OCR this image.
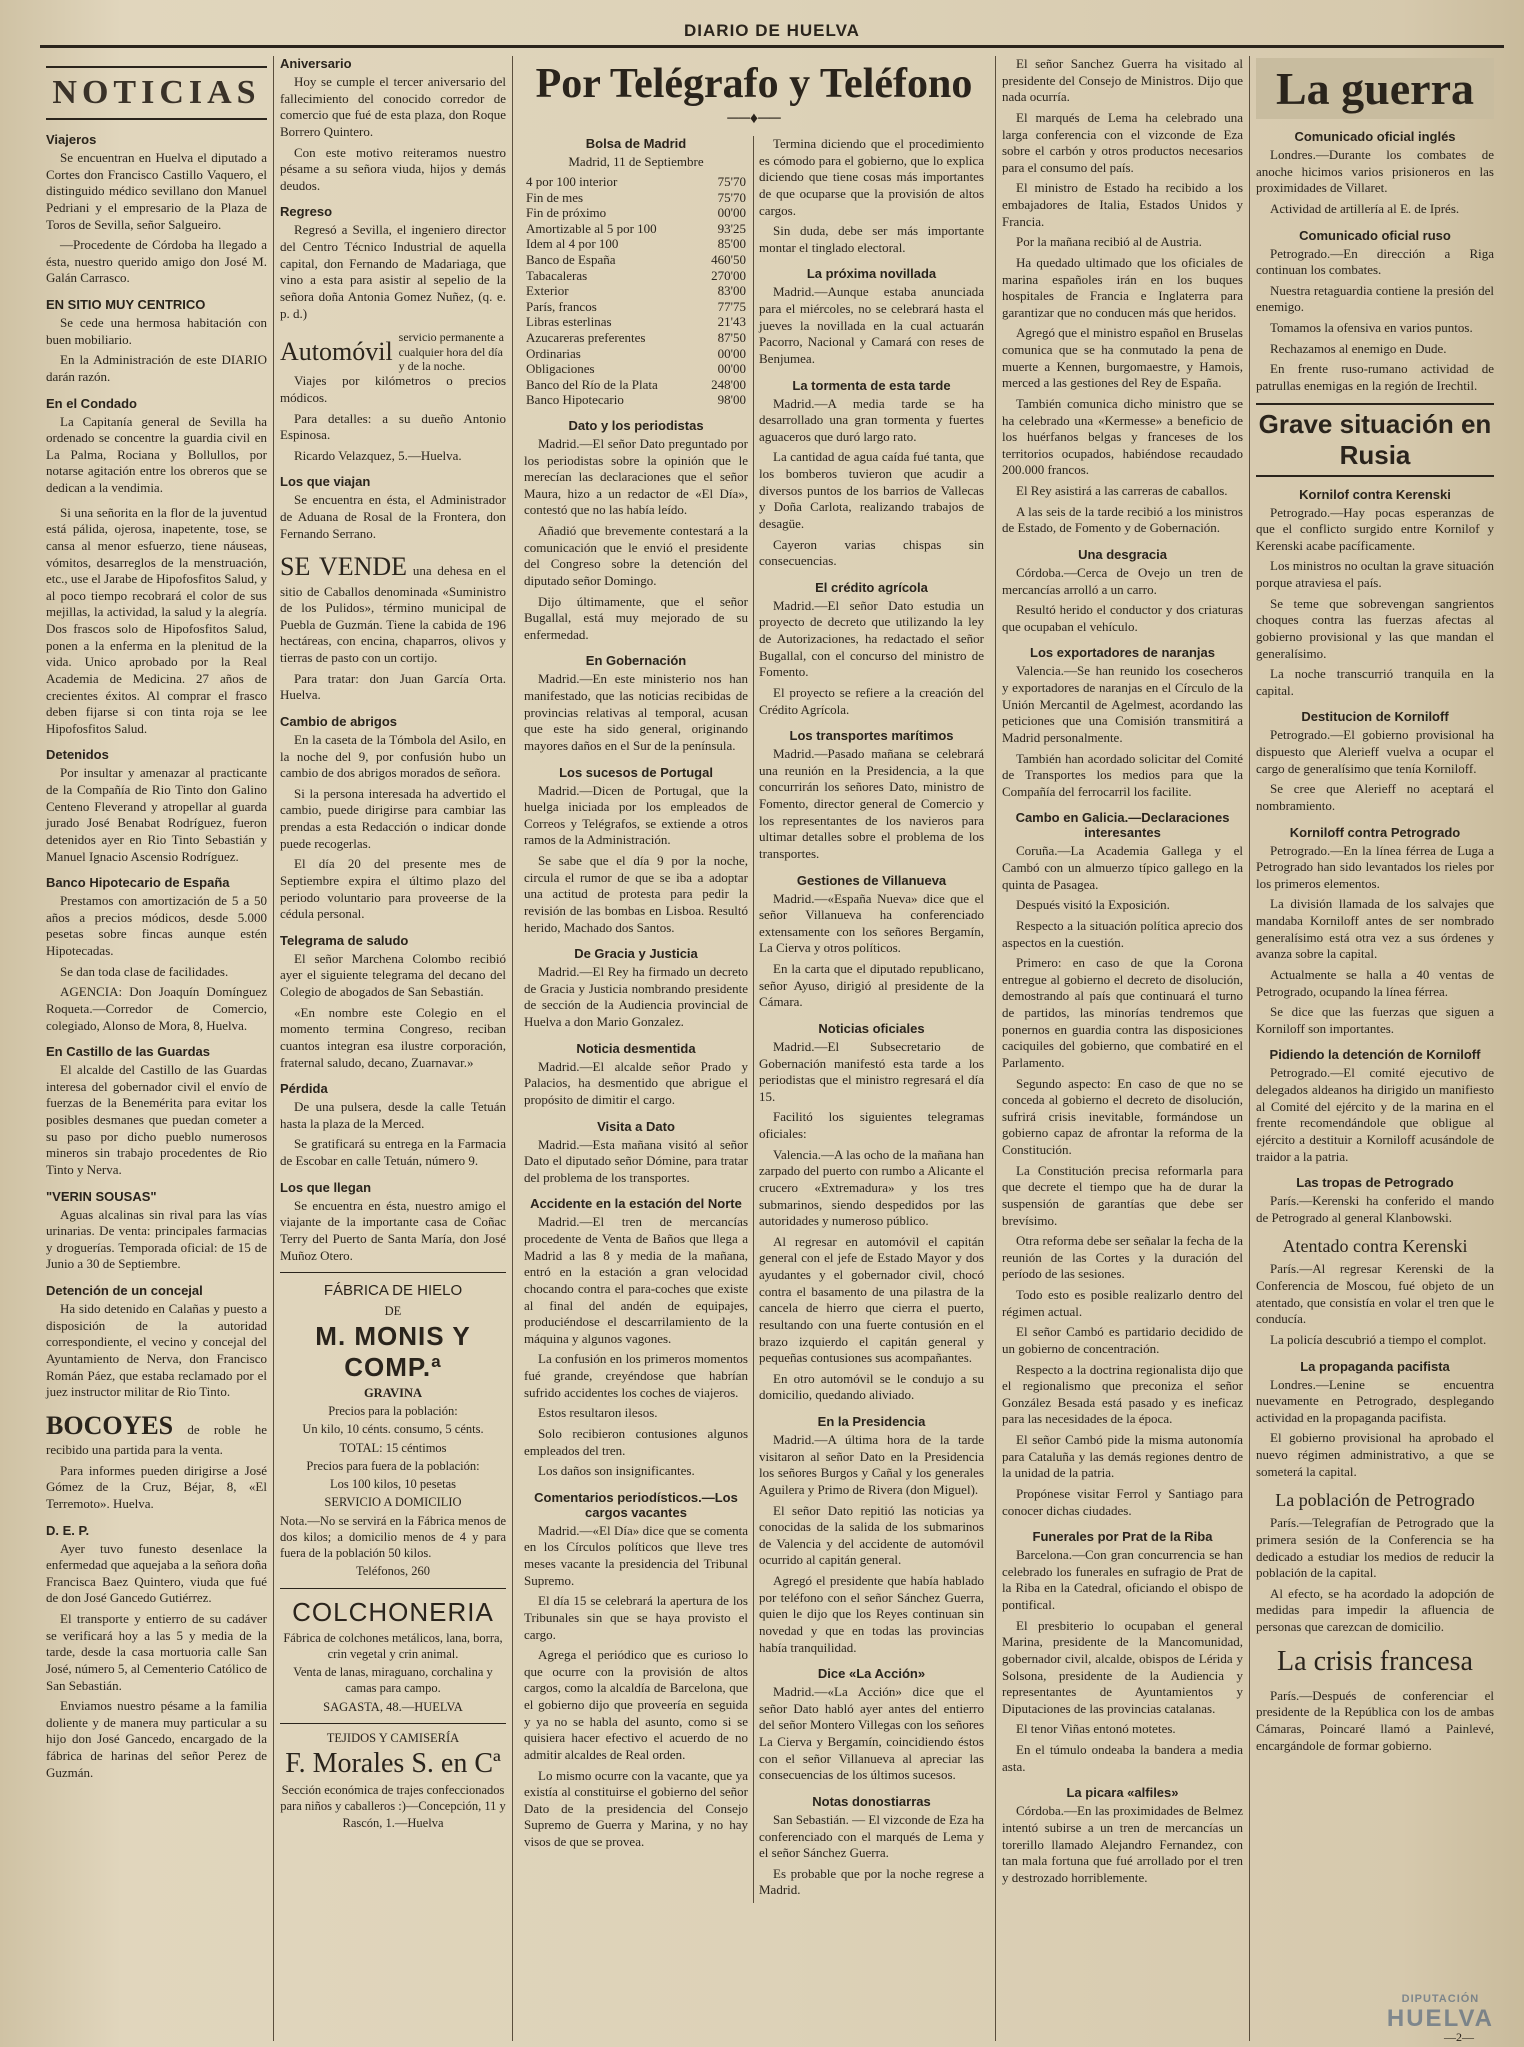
DIARIO DE HUELVA
NOTICIAS
Viajeros

Se encuentran en Huelva el diputado a Cortes don Francisco Castillo Vaquero, el distinguido médico sevillano don Manuel Pedriani y el empresario de la Plaza de Toros de Sevilla, señor Salgueiro.

—Procedente de Córdoba ha llegado a ésta, nuestro querido amigo don José M. Galán Carrasco.

EN SITIO MUY CENTRICO

Se cede una hermosa habitación con buen mobiliario.

En la Administración de este DIARIO darán razón.

En el Condado

La Capitanía general de Sevilla ha ordenado se concentre la guardia civil en La Palma, Rociana y Bollullos, por notarse agitación entre los obreros que se dedican a la vendimia.

Si una señorita en la flor de la juventud está pálida, ojerosa, inapetente, tose, se cansa al menor esfuerzo, tiene náuseas, vómitos, desarreglos de la menstruación, etc., use el Jarabe de Hipofosfitos Salud, y al poco tiempo recobrará el color de sus mejillas, la actividad, la salud y la alegría. Dos frascos solo de Hipofosfitos Salud, ponen a la enferma en la plenitud de la vida. Unico aprobado por la Real Academia de Medicina. 27 años de crecientes éxitos. Al comprar el frasco deben fijarse si con tinta roja se lee Hipofosfitos Salud.

Detenidos

Por insultar y amenazar al practicante de la Compañía de Rio Tinto don Galino Centeno Fleverand y atropellar al guarda jurado José Benabat Rodríguez, fueron detenidos ayer en Rio Tinto Sebastián y Manuel Ignacio Ascensio Rodríguez.

Banco Hipotecario de España

Prestamos con amortización de 5 a 50 años a precios módicos, desde 5.000 pesetas sobre fincas aunque estén Hipotecadas.

Se dan toda clase de facilidades.

AGENCIA: Don Joaquín Domínguez Roqueta.—Corredor de Comercio, colegiado, Alonso de Mora, 8, Huelva.

En Castillo de las Guardas

El alcalde del Castillo de las Guardas interesa del gobernador civil el envío de fuerzas de la Benemérita para evitar los posibles desmanes que puedan cometer a su paso por dicho pueblo numerosos mineros sin trabajo procedentes de Rio Tinto y Nerva.

"VERIN SOUSAS"

Aguas alcalinas sin rival para las vías urinarias. De venta: principales farmacias y droguerías. Temporada oficial: de 15 de Junio a 30 de Septiembre.

Detención de un concejal

Ha sido detenido en Calañas y puesto a disposición de la autoridad correspondiente, el vecino y concejal del Ayuntamiento de Nerva, don Francisco Román Páez, que estaba reclamado por el juez instructor militar de Rio Tinto.

BOCOYES de roble he recibido una partida para la venta.

Para informes pueden dirigirse a José Gómez de la Cruz, Béjar, 8, «El Terremoto». Huelva.

D. E. P.

Ayer tuvo funesto desenlace la enfermedad que aquejaba a la señora doña Francisca Baez Quintero, viuda que fué de don José Gancedo Gutiérrez.

El transporte y entierro de su cadáver se verificará hoy a las 5 y media de la tarde, desde la casa mortuoria calle San José, número 5, al Cementerio Católico de San Sebastián.

Enviamos nuestro pésame a la familia doliente y de manera muy particular a su hijo don José Gancedo, encargado de la fábrica de harinas del señor Perez de Guzmán.

Aniversario

Hoy se cumple el tercer aniversario del fallecimiento del conocido corredor de comercio que fué de esta plaza, don Roque Borrero Quintero.

Con este motivo reiteramos nuestro pésame a su señora viuda, hijos y demás deudos.

Regreso

Regresó a Sevilla, el ingeniero director del Centro Técnico Industrial de aquella capital, don Fernando de Madariaga, que vino a esta para asistir al sepelio de la señora doña Antonia Gomez Nuñez, (q. e. p. d.)

Automóvil servicio permanente a cualquier hora del día y de la noche.

Viajes por kilómetros o precios módicos.

Para detalles: a su dueño Antonio Espinosa.

Ricardo Velazquez, 5.—Huelva.

Los que viajan

Se encuentra en ésta, el Administrador de Aduana de Rosal de la Frontera, don Fernando Serrano.

SE VENDE una dehesa en el sitio de Caballos denominada «Suministro de los Pulidos», término municipal de Puebla de Guzmán. Tiene la cabida de 196 hectáreas, con encina, chaparros, olivos y tierras de pasto con un cortijo.

Para tratar: don Juan García Orta. Huelva.

Cambio de abrigos

En la caseta de la Tómbola del Asilo, en la noche del 9, por confusión hubo un cambio de dos abrigos morados de señora.

Si la persona interesada ha advertido el cambio, puede dirigirse para cambiar las prendas a esta Redacción o indicar donde puede recogerlas.

El día 20 del presente mes de Septiembre expira el último plazo del periodo voluntario para proveerse de la cédula personal.

Telegrama de saludo

El señor Marchena Colombo recibió ayer el siguiente telegrama del decano del Colegio de abogados de San Sebastián.

«En nombre este Colegio en el momento termina Congreso, reciban cuantos integran esa ilustre corporación, fraternal saludo, decano, Zuarnavar.»

Pérdida

De una pulsera, desde la calle Tetuán hasta la plaza de la Merced.

Se gratificará su entrega en la Farmacia de Escobar en calle Tetuán, número 9.

Los que llegan

Se encuentra en ésta, nuestro amigo el viajante de la importante casa de Coñac Terry del Puerto de Santa María, don José Muñoz Otero.

FÁBRICA DE HIELO
DE
M. MONIS Y COMP.ª
GRAVINA
Precios para la población:
Un kilo, 10 cénts. consumo, 5 cénts.
TOTAL: 15 céntimos
Precios para fuera de la población:
Los 100 kilos, 10 pesetas
SERVICIO A DOMICILIO
Nota.—No se servirá en la Fábrica menos de dos kilos; a domicilio menos de 4 y para fuera de la población 50 kilos.
Teléfonos, 260
COLCHONERIA
Fábrica de colchones metálicos, lana, borra, crin vegetal y crin animal.
Venta de lanas, miraguano, corchalina y camas para campo.
SAGASTA, 48.—HUELVA
TEJIDOS Y CAMISERÍA
F. Morales S. en Cª
Sección económica de trajes confeccionados para niños y caballeros :)—Concepción, 11 y Rascón, 1.—Huelva
Por Telégrafo y Teléfono
──♦──
Bolsa de Madrid
Madrid, 11 de Septiembre
4 por 100 interior	75'70
Fin de mes	75'70
Fin de próximo	00'00
Amortizable al 5 por 100	93'25
Idem al 4 por 100	85'00
Banco de España	460'50
Tabacaleras	270'00
Exterior	83'00
París, francos	77'75
Libras esterlinas	21'43
Azucareras preferentes	87'50
Ordinarias	00'00
Obligaciones	00'00
Banco del Río de la Plata	248'00
Banco Hipotecario	98'00
Dato y los periodistas

Madrid.—El señor Dato preguntado por los periodistas sobre la opinión que le merecían las declaraciones que el señor Maura, hizo a un redactor de «El Día», contestó que no las había leído.

Añadió que brevemente contestará a la comunicación que le envió el presidente del Congreso sobre la detención del diputado señor Domingo.

Dijo últimamente, que el señor Bugallal, está muy mejorado de su enfermedad.

En Gobernación

Madrid.—En este ministerio nos han manifestado, que las noticias recibidas de provincias relativas al temporal, acusan que este ha sido general, originando mayores daños en el Sur de la península.

Los sucesos de Portugal

Madrid.—Dicen de Portugal, que la huelga iniciada por los empleados de Correos y Telégrafos, se extiende a otros ramos de la Administración.

Se sabe que el día 9 por la noche, circula el rumor de que se iba a adoptar una actitud de protesta para pedir la revisión de las bombas en Lisboa. Resultó herido, Machado dos Santos.

De Gracia y Justicia

Madrid.—El Rey ha firmado un decreto de Gracia y Justicia nombrando presidente de sección de la Audiencia provincial de Huelva a don Mario Gonzalez.

Noticia desmentida

Madrid.—El alcalde señor Prado y Palacios, ha desmentido que abrigue el propósito de dimitir el cargo.

Visita a Dato

Madrid.—Esta mañana visitó al señor Dato el diputado señor Dómine, para tratar del problema de los transportes.

Accidente en la estación del Norte

Madrid.—El tren de mercancías procedente de Venta de Baños que llega a Madrid a las 8 y media de la mañana, entró en la estación a gran velocidad chocando contra el para-coches que existe al final del andén de equipajes, produciéndose el descarrilamiento de la máquina y algunos vagones.

La confusión en los primeros momentos fué grande, creyéndose que habrían sufrido accidentes los coches de viajeros.

Estos resultaron ilesos.

Solo recibieron contusiones algunos empleados del tren.

Los daños son insignificantes.

Comentarios periodísticos.—Los cargos vacantes

Madrid.—«El Día» dice que se comenta en los Círculos políticos que lleve tres meses vacante la presidencia del Tribunal Supremo.

El día 15 se celebrará la apertura de los Tribunales sin que se haya provisto el cargo.

Agrega el periódico que es curioso lo que ocurre con la provisión de altos cargos, como la alcaldía de Barcelona, que el gobierno dijo que proveería en seguida y ya no se habla del asunto, como si se quisiera hacer efectivo el acuerdo de no admitir alcaldes de Real orden.

Lo mismo ocurre con la vacante, que ya existía al constituirse el gobierno del señor Dato de la presidencia del Consejo Supremo de Guerra y Marina, y no hay visos de que se provea.

Termina diciendo que el procedimiento es cómodo para el gobierno, que lo explica diciendo que tiene cosas más importantes de que ocuparse que la provisión de altos cargos.

Sin duda, debe ser más importante montar el tinglado electoral.

La próxima novillada

Madrid.—Aunque estaba anunciada para el miércoles, no se celebrará hasta el jueves la novillada en la cual actuarán Pacorro, Nacional y Camará con reses de Benjumea.

La tormenta de esta tarde

Madrid.—A media tarde se ha desarrollado una gran tormenta y fuertes aguaceros que duró largo rato.

La cantidad de agua caída fué tanta, que los bomberos tuvieron que acudir a diversos puntos de los barrios de Vallecas y Doña Carlota, realizando trabajos de desagüe.

Cayeron varias chispas sin consecuencias.

El crédito agrícola

Madrid.—El señor Dato estudia un proyecto de decreto que utilizando la ley de Autorizaciones, ha redactado el señor Bugallal, con el concurso del ministro de Fomento.

El proyecto se refiere a la creación del Crédito Agrícola.

Los transportes marítimos

Madrid.—Pasado mañana se celebrará una reunión en la Presidencia, a la que concurrirán los señores Dato, ministro de Fomento, director general de Comercio y los representantes de los navieros para ultimar detalles sobre el problema de los transportes.

Gestiones de Villanueva

Madrid.—«España Nueva» dice que el señor Villanueva ha conferenciado extensamente con los señores Bergamín, La Cierva y otros políticos.

En la carta que el diputado republicano, señor Ayuso, dirigió al presidente de la Cámara.

Noticias oficiales

Madrid.—El Subsecretario de Gobernación manifestó esta tarde a los periodistas que el ministro regresará el día 15.

Facilitó los siguientes telegramas oficiales:

Valencia.—A las ocho de la mañana han zarpado del puerto con rumbo a Alicante el crucero «Extremadura» y los tres submarinos, siendo despedidos por las autoridades y numeroso público.

Al regresar en automóvil el capitán general con el jefe de Estado Mayor y dos ayudantes y el gobernador civil, chocó contra el basamento de una pilastra de la cancela de hierro que cierra el puerto, resultando con una fuerte contusión en el brazo izquierdo el capitán general y pequeñas contusiones sus acompañantes.

En otro automóvil se le condujo a su domicilio, quedando aliviado.

En la Presidencia

Madrid.—A última hora de la tarde visitaron al señor Dato en la Presidencia los señores Burgos y Cañal y los generales Aguilera y Primo de Rivera (don Miguel).

El señor Dato repitió las noticias ya conocidas de la salida de los submarinos de Valencia y del accidente de automóvil ocurrido al capitán general.

Agregó el presidente que había hablado por teléfono con el señor Sánchez Guerra, quien le dijo que los Reyes continuan sin novedad y que en todas las provincias había tranquilidad.

Dice «La Acción»

Madrid.—«La Acción» dice que el señor Dato habló ayer antes del entierro del señor Montero Villegas con los señores La Cierva y Bergamín, coincidiendo éstos con el señor Villanueva al apreciar las consecuencias de los últimos sucesos.

Notas donostiarras

San Sebastián. — El vizconde de Eza ha conferenciado con el marqués de Lema y el señor Sánchez Guerra.

Es probable que por la noche regrese a Madrid.

El señor Sanchez Guerra ha visitado al presidente del Consejo de Ministros. Dijo que nada ocurría.

El marqués de Lema ha celebrado una larga conferencia con el vizconde de Eza sobre el carbón y otros productos necesarios para el consumo del país.

El ministro de Estado ha recibido a los embajadores de Italia, Estados Unidos y Francia.

Por la mañana recibió al de Austria.

Ha quedado ultimado que los oficiales de marina españoles irán en los buques hospitales de Francia e Inglaterra para garantizar que no conducen más que heridos.

Agregó que el ministro español en Bruselas comunica que se ha conmutado la pena de muerte a Kennen, burgomaestre, y Hamois, merced a las gestiones del Rey de España.

También comunica dicho ministro que se ha celebrado una «Kermesse» a beneficio de los huérfanos belgas y franceses de los territorios ocupados, habiéndose recaudado 200.000 francos.

El Rey asistirá a las carreras de caballos.

A las seis de la tarde recibió a los ministros de Estado, de Fomento y de Gobernación.

Una desgracia

Córdoba.—Cerca de Ovejo un tren de mercancías arrolló a un carro.

Resultó herido el conductor y dos criaturas que ocupaban el vehículo.

Los exportadores de naranjas

Valencia.—Se han reunido los cosecheros y exportadores de naranjas en el Círculo de la Unión Mercantil de Agelmest, acordando las peticiones que una Comisión transmitirá a Madrid personalmente.

También han acordado solicitar del Comité de Transportes los medios para que la Compañía del ferrocarril los facilite.

Cambo en Galicia.—Declaraciones interesantes

Coruña.—La Academia Gallega y el Cambó con un almuerzo típico gallego en la quinta de Pasagea.

Después visitó la Exposición.

Respecto a la situación política aprecio dos aspectos en la cuestión.

Primero: en caso de que la Corona entregue al gobierno el decreto de disolución, demostrando al país que continuará el turno de partidos, las minorías tendremos que ponernos en guardia contra las disposiciones caciquiles del gobierno, que combatiré en el Parlamento.

Segundo aspecto: En caso de que no se conceda al gobierno el decreto de disolución, sufrirá crisis inevitable, formándose un gobierno capaz de afrontar la reforma de la Constitución.

La Constitución precisa reformarla para que decrete el tiempo que ha de durar la suspensión de garantías que debe ser brevísimo.

Otra reforma debe ser señalar la fecha de la reunión de las Cortes y la duración del período de las sesiones.

Todo esto es posible realizarlo dentro del régimen actual.

El señor Cambó es partidario decidido de un gobierno de concentración.

Respecto a la doctrina regionalista dijo que el regionalismo que preconiza el señor González Besada está pasado y es ineficaz para las necesidades de la época.

El señor Cambó pide la misma autonomía para Cataluña y las demás regiones dentro de la unidad de la patria.

Propónese visitar Ferrol y Santiago para conocer dichas ciudades.

Funerales por Prat de la Riba

Barcelona.—Con gran concurrencia se han celebrado los funerales en sufragio de Prat de la Riba en la Catedral, oficiando el obispo de pontifical.

El presbiterio lo ocupaban el general Marina, presidente de la Mancomunidad, gobernador civil, alcalde, obispos de Lérida y Solsona, presidente de la Audiencia y representantes de Ayuntamientos y Diputaciones de las provincias catalanas.

El tenor Viñas entonó motetes.

En el túmulo ondeaba la bandera a media asta.

La picara «alfiles»

Córdoba.—En las proximidades de Belmez intentó subirse a un tren de mercancías un torerillo llamado Alejandro Fernandez, con tan mala fortuna que fué arrollado por el tren y destrozado horriblemente.

La guerra
Comunicado oficial inglés

Londres.—Durante los combates de anoche hicimos varios prisioneros en las proximidades de Villaret.

Actividad de artillería al E. de Iprés.

Comunicado oficial ruso

Petrogrado.—En dirección a Riga continuan los combates.

Nuestra retaguardia contiene la presión del enemigo.

Tomamos la ofensiva en varios puntos.

Rechazamos al enemigo en Dude.

En frente ruso-rumano actividad de patrullas enemigas en la región de Irechtil.

Grave situación en Rusia
Kornilof contra Kerenski

Petrogrado.—Hay pocas esperanzas de que el conflicto surgido entre Kornilof y Kerenski acabe pacíficamente.

Los ministros no ocultan la grave situación porque atraviesa el país.

Se teme que sobrevengan sangrientos choques contra las fuerzas afectas al gobierno provisional y las que mandan el generalísimo.

La noche transcurrió tranquila en la capital.

Destitucion de Korniloff

Petrogrado.—El gobierno provisional ha dispuesto que Alerieff vuelva a ocupar el cargo de generalísimo que tenía Korniloff.

Se cree que Alerieff no aceptará el nombramiento.

Korniloff contra Petrogrado

Petrogrado.—En la línea férrea de Luga a Petrogrado han sido levantados los rieles por los primeros elementos.

La división llamada de los salvajes que mandaba Korniloff antes de ser nombrado generalísimo está otra vez a sus órdenes y avanza sobre la capital.

Actualmente se halla a 40 ventas de Petrogrado, ocupando la línea férrea.

Se dice que las fuerzas que siguen a Korniloff son importantes.

Pidiendo la detención de Korniloff

Petrogrado.—El comité ejecutivo de delegados aldeanos ha dirigido un manifiesto al Comité del ejército y de la marina en el frente recomendándole que obligue al ejército a destituir a Korniloff acusándole de traidor a la patria.

Las tropas de Petrogrado

París.—Kerenski ha conferido el mando de Petrogrado al general Klanbowski.

Atentado contra Kerenski

París.—Al regresar Kerenski de la Conferencia de Moscou, fué objeto de un atentado, que consistía en volar el tren que le conducía.

La policía descubrió a tiempo el complot.

La propaganda pacifista

Londres.—Lenine se encuentra nuevamente en Petrogrado, desplegando actividad en la propaganda pacifista.

El gobierno provisional ha aprobado el nuevo régimen administrativo, a que se someterá la capital.

La población de Petrogrado

París.—Telegrafían de Petrogrado que la primera sesión de la Conferencia se ha dedicado a estudiar los medios de reducir la población de la capital.

Al efecto, se ha acordado la adopción de medidas para impedir la afluencia de personas que carezcan de domicilio.

La crisis francesa

París.—Después de conferenciar el presidente de la República con los de ambas Cámaras, Poincaré llamó a Painlevé, encargándole de formar gobierno.

DIPUTACIÓN
HUELVA
—2—
